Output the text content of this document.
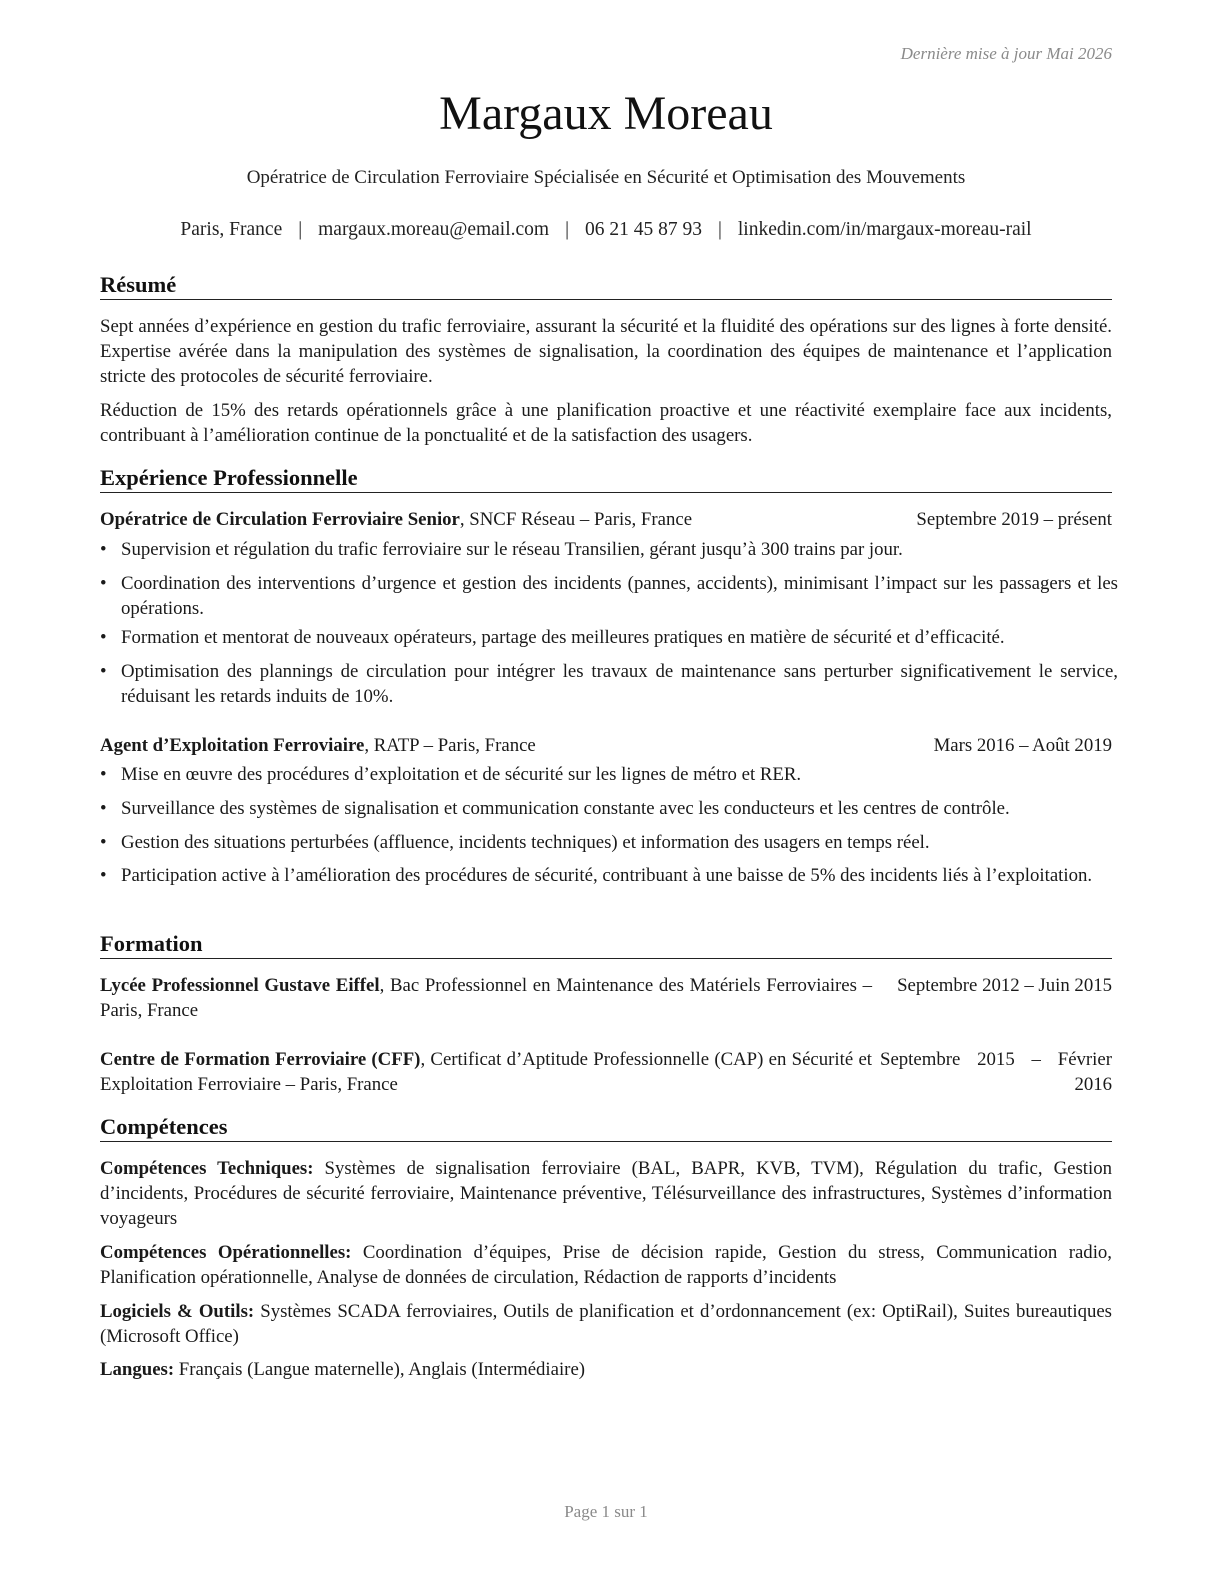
Dernière mise à jour Mai 2026
Margaux Moreau
Opératrice de Circulation Ferroviaire Spécialisée en Sécurité et Optimisation des Mouvements
Paris, France | margaux.moreau@email.com | 06 21 45 87 93 | linkedin.com/in/margaux-moreau-rail
Résumé
Sept années d’expérience en gestion du trafic ferroviaire, assurant la sécurité et la fluidité des opérations sur des lignes à forte densité. Expertise avérée dans la manipulation des systèmes de signalisation, la coordination des équipes de maintenance et l’application stricte des protocoles de sécurité ferroviaire.
Réduction de 15% des retards opérationnels grâce à une planification proactive et une réactivité exemplaire face aux incidents, contribuant à l’amélioration continue de la ponctualité et de la satisfaction des usagers.
Expérience Professionnelle
Opératrice de Circulation Ferroviaire Senior, SNCF Réseau – Paris, France	Septembre 2019 – présent
• Supervision et régulation du trafic ferroviaire sur le réseau Transilien, gérant jusqu’à 300 trains par jour.
• Coordination des interventions d’urgence et gestion des incidents (pannes, accidents), minimisant l’impact sur les passagers et les opérations.
• Formation et mentorat de nouveaux opérateurs, partage des meilleures pratiques en matière de sécurité et d’efficacité.
• Optimisation des plannings de circulation pour intégrer les travaux de maintenance sans perturber significativement le service, réduisant les retards induits de 10%.
Agent d’Exploitation Ferroviaire, RATP – Paris, France	Mars 2016 – Août 2019
• Mise en œuvre des procédures d’exploitation et de sécurité sur les lignes de métro et RER.
• Surveillance des systèmes de signalisation et communication constante avec les conducteurs et les centres de contrôle.
• Gestion des situations perturbées (affluence, incidents techniques) et information des usagers en temps réel.
• Participation active à l’amélioration des procédures de sécurité, contribuant à une baisse de 5% des incidents liés à l’exploitation.
Formation
Lycée Professionnel Gustave Eiffel, Bac Professionnel en Maintenance des Matériels Ferroviaires – Paris, France
Septembre 2012 – Juin 2015
Centre de Formation Ferroviaire (CFF), Certificat d’Aptitude Professionnelle (CAP) en Sécurité et Exploitation Ferroviaire – Paris, France
Septembre 2015 – Février 2016
Compétences
Compétences Techniques: Systèmes de signalisation ferroviaire (BAL, BAPR, KVB, TVM), Régulation du trafic, Gestion d’incidents, Procédures de sécurité ferroviaire, Maintenance préventive, Télésurveillance des infrastructures, Systèmes d’information voyageurs
Compétences Opérationnelles: Coordination d’équipes, Prise de décision rapide, Gestion du stress, Communication radio, Planification opérationnelle, Analyse de données de circulation, Rédaction de rapports d’incidents
Logiciels & Outils: Systèmes SCADA ferroviaires, Outils de planification et d’ordonnancement (ex: OptiRail), Suites bureautiques (Microsoft Office)
Langues: Français (Langue maternelle), Anglais (Intermédiaire)
Page 1 sur 1
